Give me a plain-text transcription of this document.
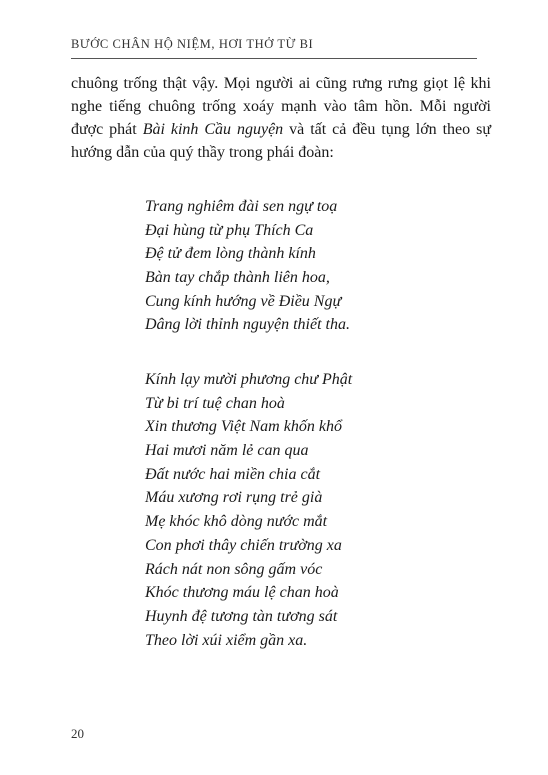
BƯỚC CHÂN HỘ NIỆM, HƠI THỞ TỪ BI
chuông trống thật vậy. Mọi người ai cũng rưng rưng giọt lệ khi
nghe tiếng chuông trống xoáy mạnh vào tâm hồn. Mỗi người
được phát Bài kinh Cầu nguyện và tất cả đều tụng lớn theo sự
hướng dẫn của quý thầy trong phái đoàn:
Trang nghiêm đài sen ngự toạ
Đại hùng từ phụ Thích Ca
Đệ tử đem lòng thành kính
Bàn tay chắp thành liên hoa,
Cung kính hướng về Điều Ngự
Dâng lời thỉnh nguyện thiết tha.
Kính lạy mười phương chư Phật
Từ bi trí tuệ chan hoà
Xin thương Việt Nam khốn khổ
Hai mươi năm lẻ can qua
Đất nước hai miền chia cắt
Máu xương rơi rụng trẻ già
Mẹ khóc khô dòng nước mắt
Con phơi thây chiến trường xa
Rách nát non sông gấm vóc
Khóc thương máu lệ chan hoà
Huynh đệ tương tàn tương sát
Theo lời xúi xiểm gần xa.
20
